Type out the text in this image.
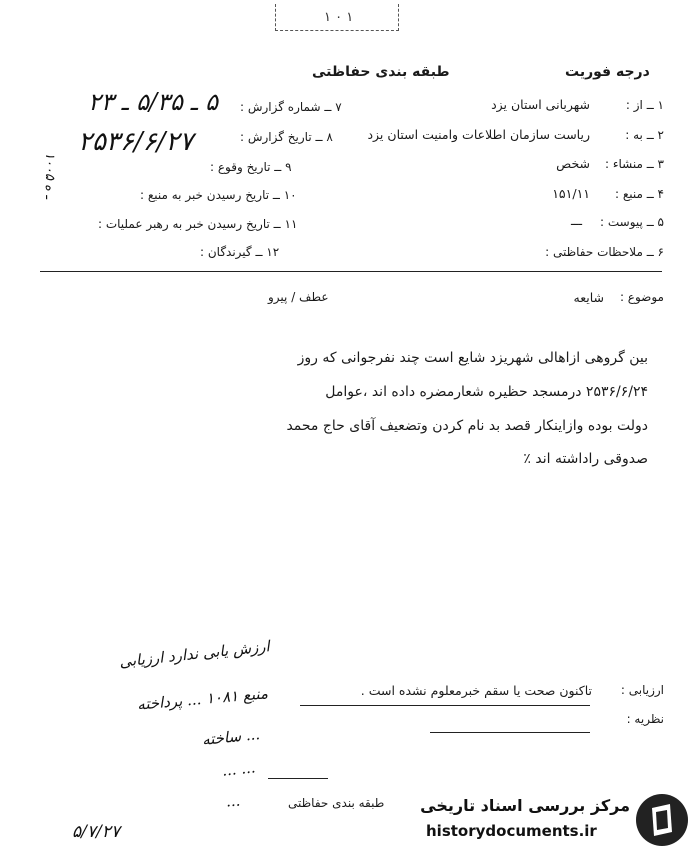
۱ ۰ ۱
طبقه بندی حفاظتی	درجه فوریت
۱ ــ از :
شهربانی استان یزد
۲ ــ به :
ریاست سازمان اطلاعات وامنیت استان یزد
۳ ــ منشاء :
شخص
۴ ــ منبع :
۱۵۱/۱۱
۵ ــ پیوست :
ـــ
۶ ــ ملاحظات حفاظتی :
۷ ــ شماره گزارش :
۵ ـ ۵/۳۵ ـ ۲۳
۸ ــ تاریخ گزارش :
۲۵۳۶/۶/۲۷
۹ ــ تاریخ وقوع :
۱۰ ــ تاریخ رسیدن خبر به منبع :
۱۱ ــ تاریخ رسیدن خبر به رهبر عملیات :
۱۲ ــ گیرندگان :
۱۰۰۵ ـ ه
موضوع :
شایعه
عطف / پیرو
بین گروهی ازاهالی شهریزد شایع است چند نفرجوانی که روز
۲۵۳۶/۶/۲۴ درمسجد حظیره شعارمضره داده اند ،عوامل
دولت بوده وازاینکار قصد بد نام کردن وتضعیف آقای حاج محمد
صدوقی راداشته اند ٪
ارزیابی :
تاکنون صحت یا سقم خبرمعلوم نشده است .
نظریه :
ارزش یابی ندارد ارزیابی
منبع ۱۰۸۱ ... پرداخته
... ساخته
... ...
...
۵/۷/۲۷
طبقه بندی حفاظتی مرکز بررسی اسناد تاریخی
historydocuments.ir
